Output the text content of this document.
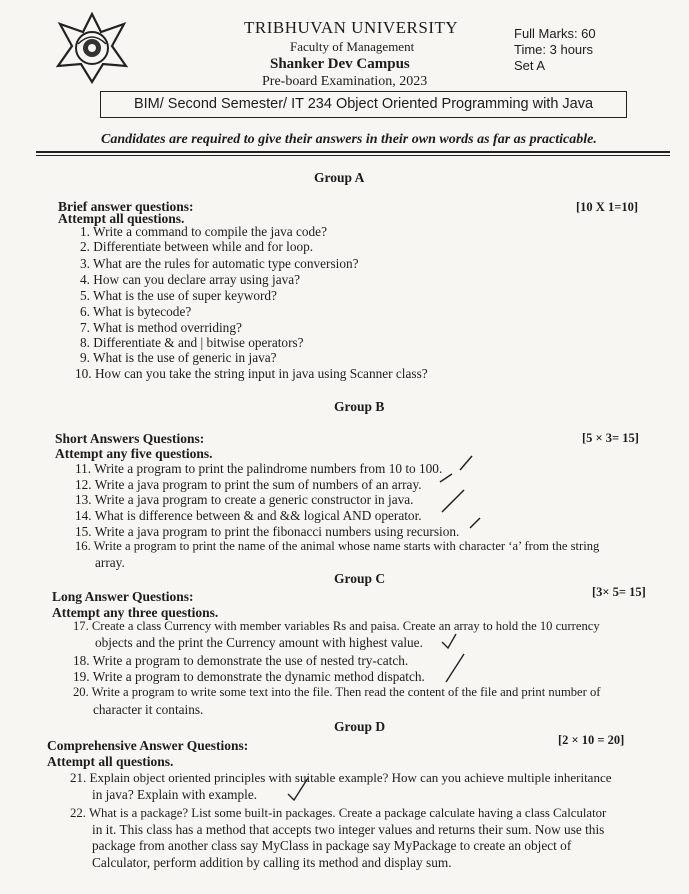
TRIBHUVAN UNIVERSITY
Faculty of Management
Shanker Dev Campus
Pre-board Examination, 2023
Full Marks: 60
Time: 3 hours
Set A
BIM/ Second Semester/ IT 234 Object Oriented Programming with Java
Candidates are required to give their answers in their own words as far as practicable.
Group A
Brief answer questions:	[10 X 1=10]
Attempt all questions.
1. Write a command to compile the java code?
2. Differentiate between while and for loop.
3. What are the rules for automatic type conversion?
4. How can you declare array using java?
5. What is the use of super keyword?
6. What is bytecode?
7. What is method overriding?
8. Differentiate & and | bitwise operators?
9. What is the use of generic in java?
10. How can you take the string input in java using Scanner class?
Group B
Short Answers Questions:	[5 × 3= 15]
Attempt any five questions.
11. Write a program to print the palindrome numbers from 10 to 100.
12. Write a java program to print the sum of numbers of an array.
13. Write a java program to create a generic constructor in java.
14. What is difference between & and && logical AND operator.
15. Write a java program to print the fibonacci numbers using recursion.
16. Write a program to print the name of the animal whose name starts with character ‘a’ from the string
array.
Group C
Long Answer Questions:	[3× 5= 15]
Attempt any three questions.
17. Create a class Currency with member variables Rs and paisa. Create an array to hold the 10 currency
objects and the print the Currency amount with highest value.
18. Write a program to demonstrate the use of nested try-catch.
19. Write a program to demonstrate the dynamic method dispatch.
20. Write a program to write some text into the file. Then read the content of the file and print number of
character it contains.
Group D
Comprehensive Answer Questions:	[2 × 10 = 20]
Attempt all questions.
21. Explain object oriented principles with suitable example? How can you achieve multiple inheritance
in java? Explain with example.
22. What is a package? List some built-in packages. Create a package calculate having a class Calculator
in it. This class has a method that accepts two integer values and returns their sum. Now use this
package from another class say MyClass in package say MyPackage to create an object of
Calculator, perform addition by calling its method and display sum.
